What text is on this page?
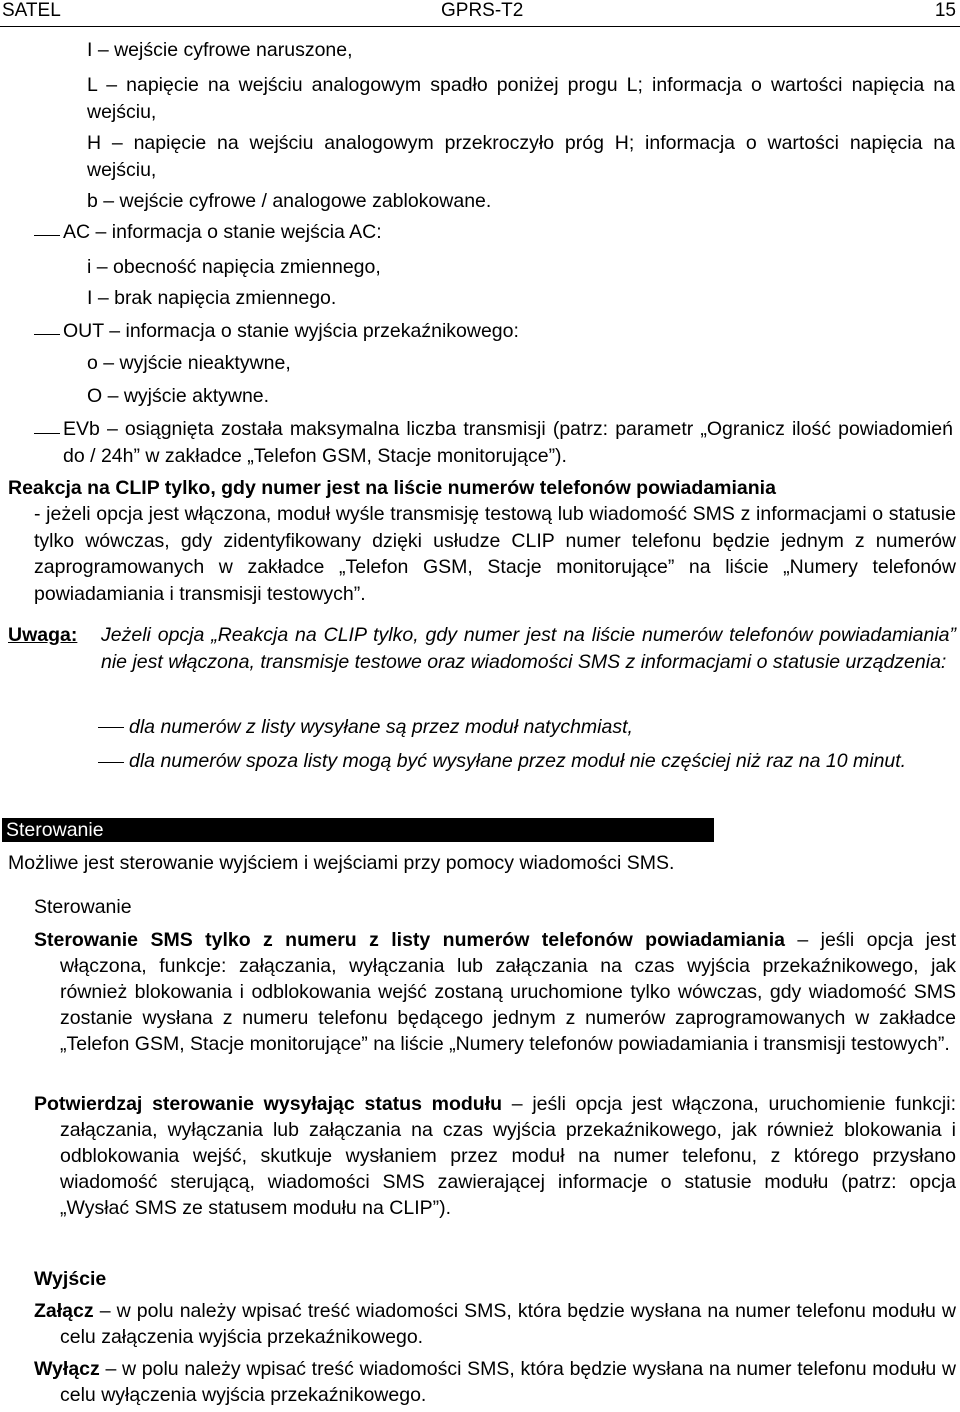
SATEL	GPRS-T2	15
I – wejście cyfrowe naruszone,
L – napięcie na wejściu analogowym spadło poniżej progu L; informacja o wartości napięcia na wejściu,
H – napięcie na wejściu analogowym przekroczyło próg H; informacja o wartości napięcia na wejściu,
b – wejście cyfrowe / analogowe zablokowane.
AC – informacja o stanie wejścia AC:
i – obecność napięcia zmiennego,
I – brak napięcia zmiennego.
OUT – informacja o stanie wyjścia przekaźnikowego:
o – wyjście nieaktywne,
O – wyjście aktywne.
EVb – osiągnięta została maksymalna liczba transmisji (patrz: parametr „Ogranicz ilość powiadomień do / 24h” w zakładce „Telefon GSM, Stacje monitorujące”).
Reakcja na CLIP tylko, gdy numer jest na liście numerów telefonów powiadamiania
- jeżeli opcja jest włączona, moduł wyśle transmisję testową lub wiadomość SMS z informacjami o statusie tylko wówczas, gdy zidentyfikowany dzięki usłudze CLIP numer telefonu będzie jednym z numerów zaprogramowanych w zakładce „Telefon GSM, Stacje monitorujące” na liście „Numery telefonów powiadamiania i transmisji testowych”.
Uwaga: Jeżeli opcja „Reakcja na CLIP tylko, gdy numer jest na liście numerów telefonów powiadamiania” nie jest włączona, transmisje testowe oraz wiadomości SMS z informacjami o statusie urządzenia:
dla numerów z listy wysyłane są przez moduł natychmiast,
dla numerów spoza listy mogą być wysyłane przez moduł nie częściej niż raz na 10 minut.
Sterowanie
Możliwe jest sterowanie wyjściem i wejściami przy pomocy wiadomości SMS.
Sterowanie
Sterowanie SMS tylko z numeru z listy numerów telefonów powiadamiania – jeśli opcja jest włączona, funkcje: załączania, wyłączania lub załączania na czas wyjścia przekaźnikowego, jak również blokowania i odblokowania wejść zostaną uruchomione tylko wówczas, gdy wiadomość SMS zostanie wysłana z numeru telefonu będącego jednym z numerów zaprogramowanych w zakładce „Telefon GSM, Stacje monitorujące” na liście „Numery telefonów powiadamiania i transmisji testowych”.
Potwierdzaj sterowanie wysyłając status modułu – jeśli opcja jest włączona, uruchomienie funkcji: załączania, wyłączania lub załączania na czas wyjścia przekaźnikowego, jak również blokowania i odblokowania wejść, skutkuje wysłaniem przez moduł na numer telefonu, z którego przysłano wiadomość sterującą, wiadomości SMS zawierającej informacje o statusie modułu (patrz: opcja „Wysłać SMS ze statusem modułu na CLIP”).
Wyjście
Załącz – w polu należy wpisać treść wiadomości SMS, która będzie wysłana na numer telefonu modułu w celu załączenia wyjścia przekaźnikowego.
Wyłącz – w polu należy wpisać treść wiadomości SMS, która będzie wysłana na numer telefonu modułu w celu wyłączenia wyjścia przekaźnikowego.
